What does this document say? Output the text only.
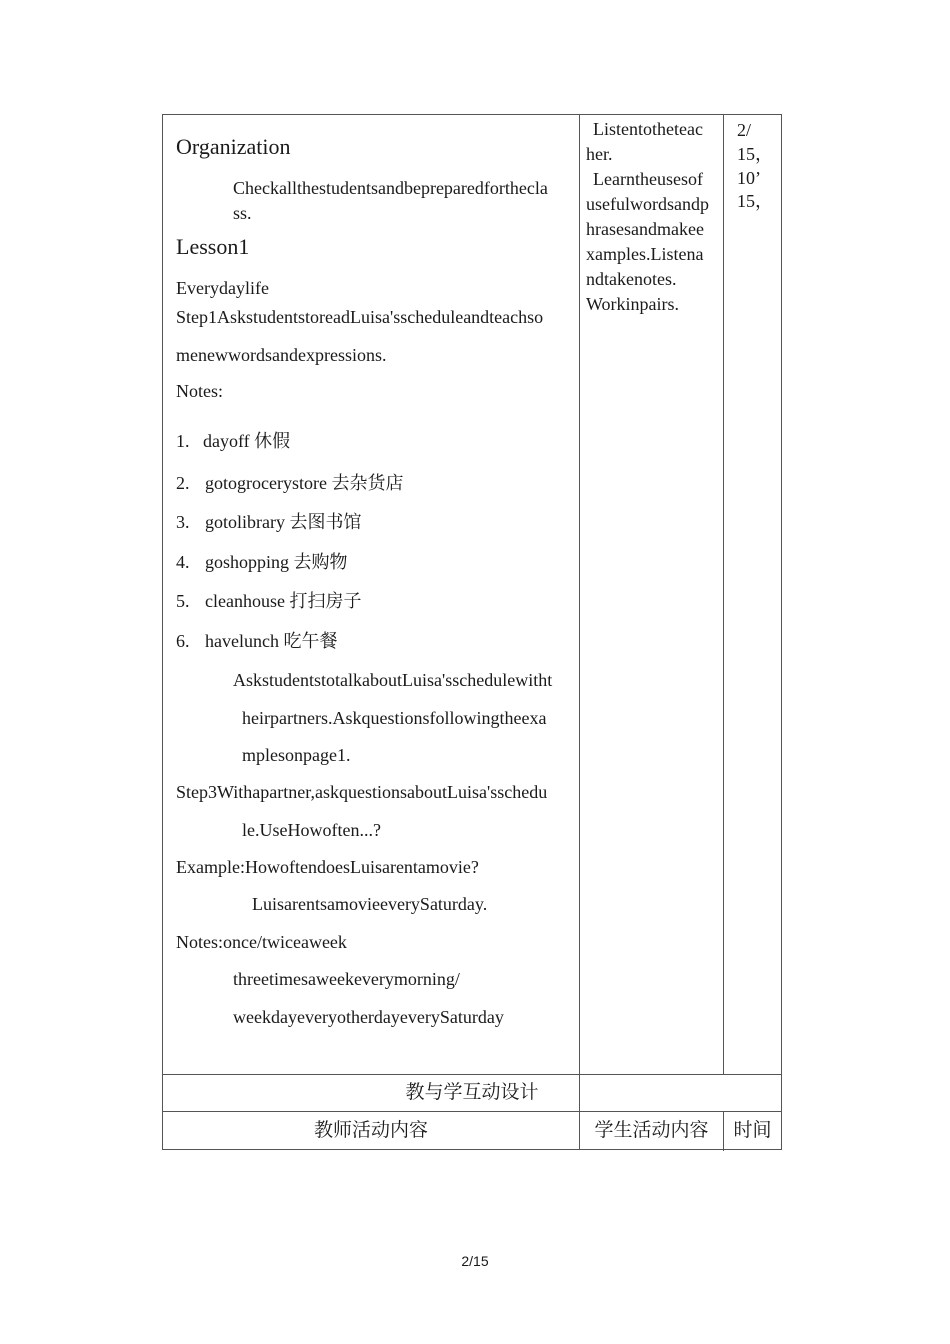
Organization
Checkallthestudentsandbepreparedforthecla
ss.
Lesson1
Everydaylife
Step1AskstudentstoreadLuisa'sscheduleandteachso
menewwordsandexpressions.
Notes:
1. dayoff 休假
2. gotogrocerystore 去杂货店
3. gotolibrary 去图书馆
4. goshopping 去购物
5. cleanhouse 打扫房子
6. havelunch 吃午餐
AskstudentstotalkaboutLuisa'sschedulewitht
heirpartners.Askquestionsfollowingtheexa
mplesonpage1.
Step3Withapartner,askquestionsaboutLuisa'sschedu
le.UseHowoften...?
Example:HowoftendoesLuisarentamovie?
LuisarentsamovieeverySaturday.
Notes:once/twiceaweek
threetimesaweekeverymorning/
weekdayeveryotherdayeverySaturday
Listentotheteac
her.
Learntheusesof
usefulwordsandp
hrasesandmakee
xamples.Listena
ndtakenotes.
Workinpairs.
2/
15，
10’
15，
教与学互动设计
教师活动内容	学生活动内容	时间
2/15
